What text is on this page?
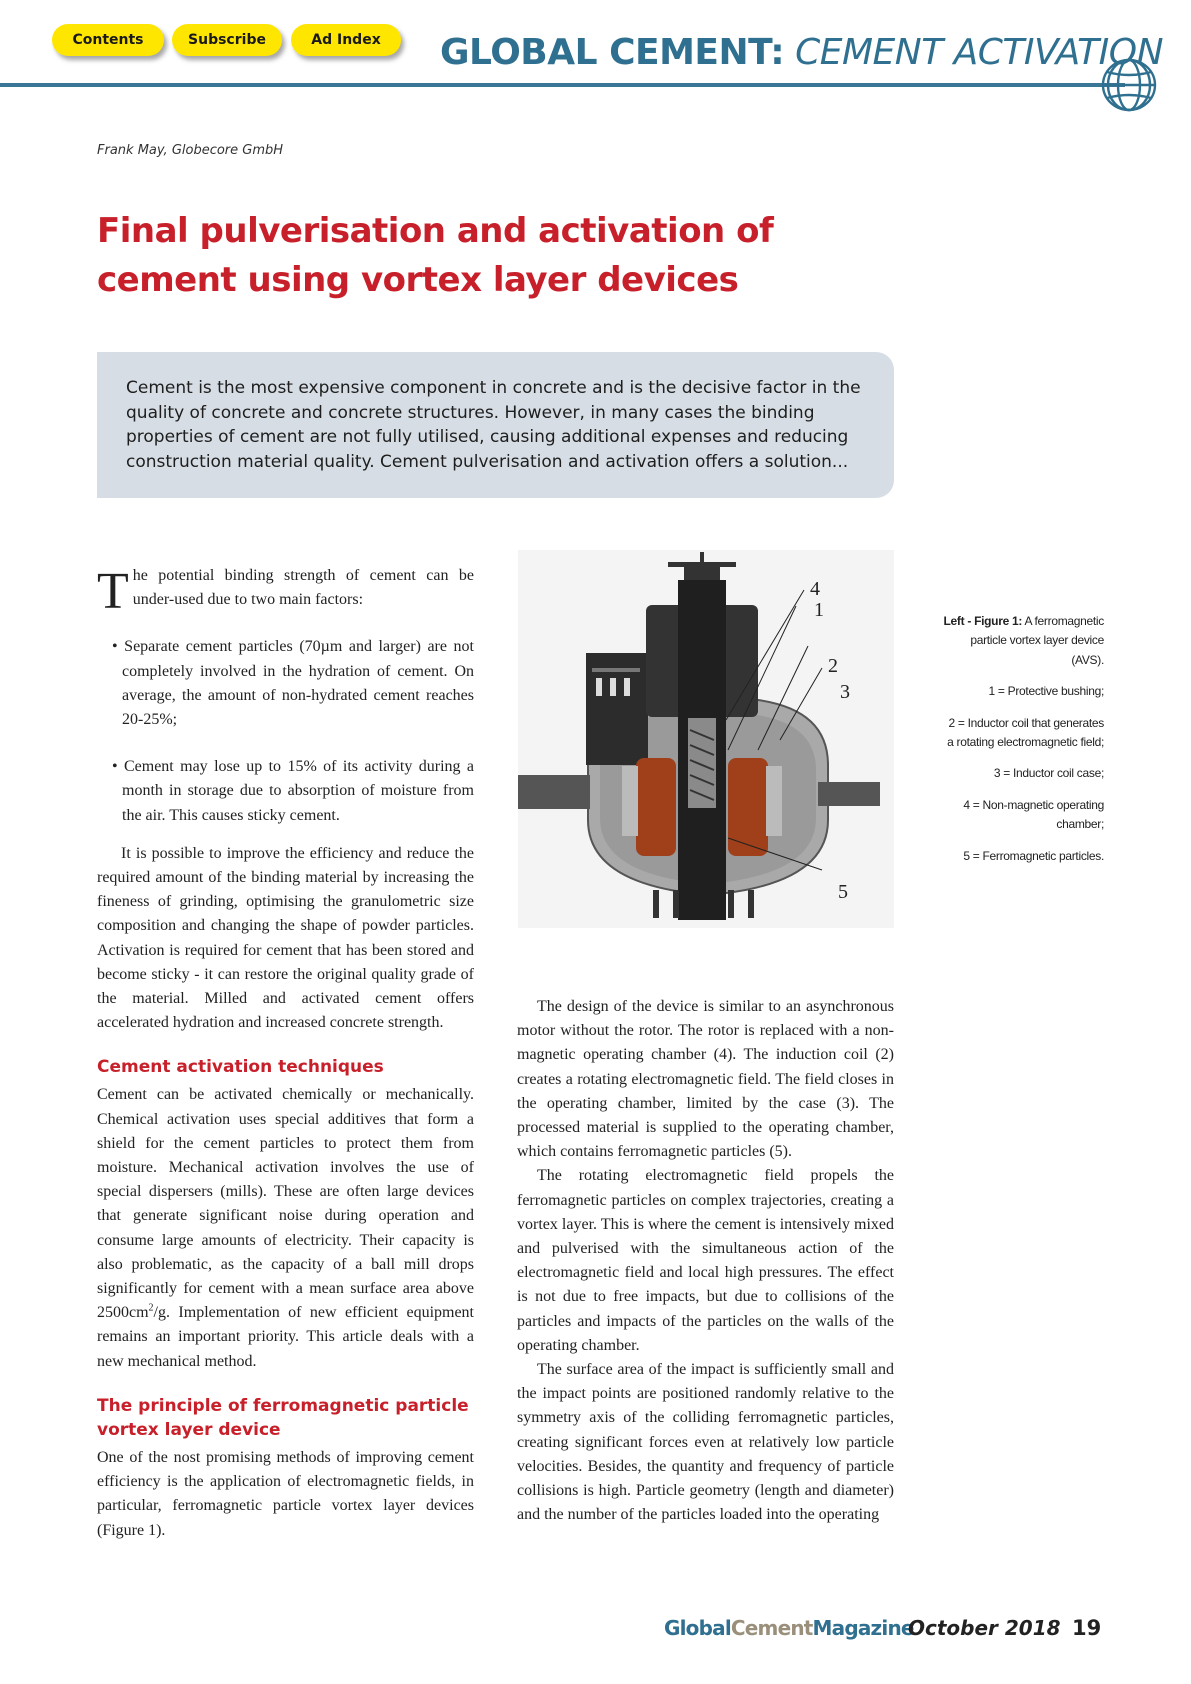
Contents	Subscribe	Ad Index	GLOBAL CEMENT: CEMENT ACTIVATION
Frank May, Globecore GmbH
Final pulverisation and activation of cement using vortex layer devices
Cement is the most expensive component in concrete and is the decisive factor in the quality of concrete and concrete structures. However, in many cases the binding properties of cement are not fully utilised, causing additional expenses and reducing construction material quality. Cement pulverisation and activation offers a solution...

The potential binding strength of cement can be under-used due to two main factors:

• Separate cement particles (70µm and larger) are not completely involved in the hydration of cement. On average, the amount of non-hydrated cement reaches 20-25%;

• Cement may lose up to 15% of its activity during a month in storage due to absorption of moisture from the air. This causes sticky cement.

It is possible to improve the efficiency and reduce the required amount of the binding material by increasing the fineness of grinding, optimising the granulometric size composition and changing the shape of powder particles. Activation is required for cement that has been stored and become sticky - it can restore the original quality grade of the material. Milled and activated cement offers accelerated hydration and increased concrete strength.

Cement activation techniques

Cement can be activated chemically or mechanically. Chemical activation uses special additives that form a shield for the cement particles to protect them from moisture. Mechanical activation involves the use of special dispersers (mills). These are often large devices that generate significant noise during operation and consume large amounts of electricity. Their capacity is also problematic, as the capacity of a ball mill drops significantly for cement with a mean surface area above $2500cm^2/g$. Implementation of new efficient equipment remains an important priority. This article deals with a new mechanical method.

The principle of ferromagnetic particle vortex layer device

One of the nost promising methods of improving cement efficiency is the application of electromagnetic fields, in particular, ferromagnetic particle vortex layer devices (Figure 1).

4
1
2
3
5

Left - Figure 1: A ferromagnetic particle vortex layer device (AVS).

1 = Protective bushing;

2 = Inductor coil that generates a rotating electromagnetic field;

3 = Inductor coil case;

4 = Non-magnetic operating chamber;

5 = Ferromagnetic particles.

The design of the device is similar to an asynchronous motor without the rotor. The rotor is replaced with a non-magnetic operating chamber (4). The induction coil (2) creates a rotating electromagnetic field. The field closes in the operating chamber, limited by the case (3). The processed material is supplied to the operating chamber, which contains ferromagnetic particles (5).

The rotating electromagnetic field propels the ferromagnetic particles on complex trajectories, creating a vortex layer. This is where the cement is intensively mixed and pulverised with the simultaneous action of the electromagnetic field and local high pressures. The effect is not due to free impacts, but due to collisions of the particles and impacts of the particles on the walls of the operating chamber.

The surface area of the impact is sufficiently small and the impact points are positioned randomly relative to the symmetry axis of the colliding ferromagnetic particles, creating significant forces even at relatively low particle velocities. Besides, the quantity and frequency of particle collisions is high. Particle geometry (length and diameter) and the number of the particles loaded into the operating

GlobalCementMagazine
October 2018 19
